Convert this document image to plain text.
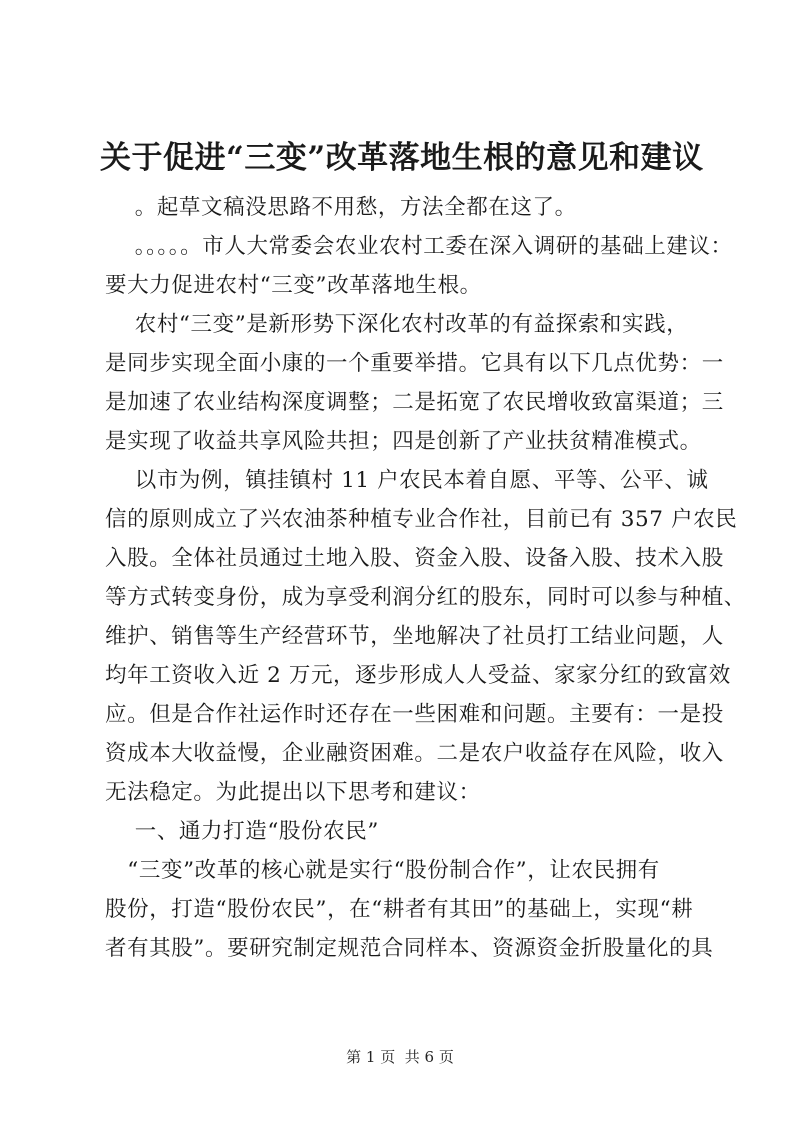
关于促进“三变”改革落地生根的意见和建议

。起草文稿没思路不用愁，方法全都在这了。

。。。。。市人大常委会农业农村工委在深入调研的基础上建议：

要大力促进农村“三变”改革落地生根。

农村“三变”是新形势下深化农村改革的有益探索和实践，

是同步实现全面小康的一个重要举措。它具有以下几点优势：一

是加速了农业结构深度调整；二是拓宽了农民增收致富渠道；三

是实现了收益共享风险共担；四是创新了产业扶贫精准模式。

以市为例，镇挂镇村 11 户农民本着自愿、平等、公平、诚

信的原则成立了兴农油茶种植专业合作社，目前已有 357 户农民

入股。全体社员通过土地入股、资金入股、设备入股、技术入股

等方式转变身份，成为享受利润分红的股东，同时可以参与种植、

维护、销售等生产经营环节，坐地解决了社员打工结业问题，人

均年工资收入近 2 万元，逐步形成人人受益、家家分红的致富效

应。但是合作社运作时还存在一些困难和问题。主要有：一是投

资成本大收益慢，企业融资困难。二是农户收益存在风险，收入

无法稳定。为此提出以下思考和建议：

一、通力打造“股份农民”

“三变”改革的核心就是实行“股份制合作”，让农民拥有

股份，打造“股份农民”，在“耕者有其田”的基础上，实现“耕

者有其股”。要研究制定规范合同样本、资源资金折股量化的具

第 1 页  共 6 页
